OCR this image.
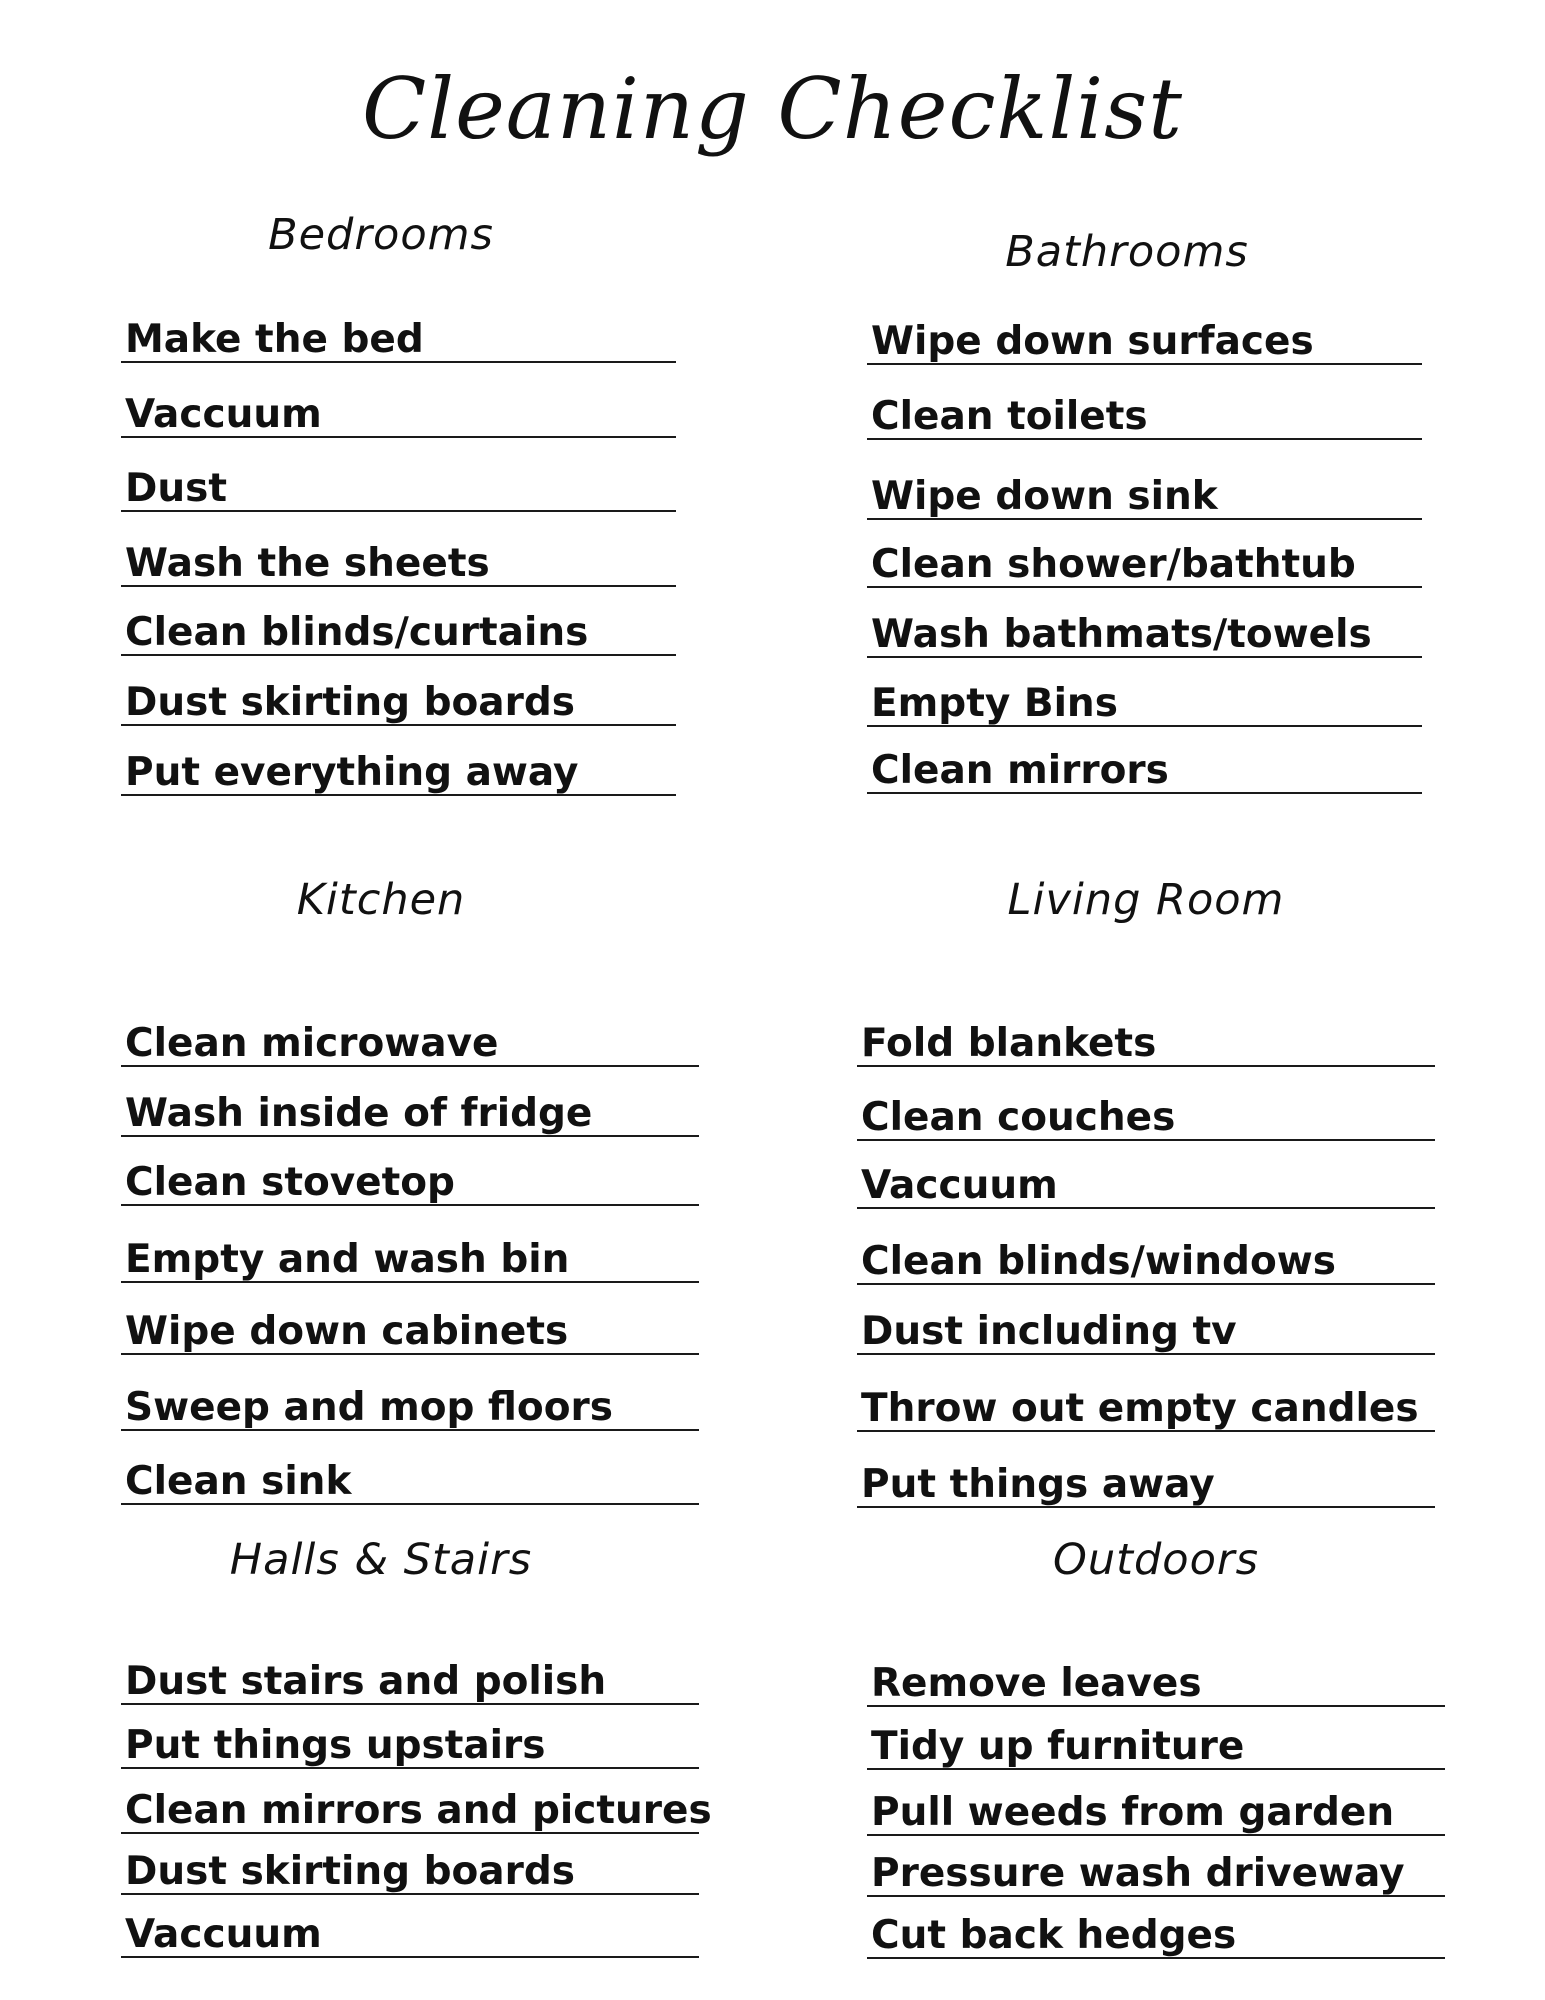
Cleaning Checklist
Bedrooms
Make the bed
Vaccuum
Dust
Wash the sheets
Clean blinds/curtains
Dust skirting boards
Put everything away
Bathrooms
Wipe down surfaces
Clean toilets
Wipe down sink
Clean shower/bathtub
Wash bathmats/towels
Empty Bins
Clean mirrors
Kitchen
Clean microwave
Wash inside of fridge
Clean stovetop
Empty and wash bin
Wipe down cabinets
Sweep and mop floors
Clean sink
Living Room
Fold blankets
Clean couches
Vaccuum
Clean blinds/windows
Dust including tv
Throw out empty candles
Put things away
Halls & Stairs
Dust stairs and polish
Put things upstairs
Clean mirrors and pictures
Dust skirting boards
Vaccuum
Outdoors
Remove leaves
Tidy up furniture
Pull weeds from garden
Pressure wash driveway
Cut back hedges
